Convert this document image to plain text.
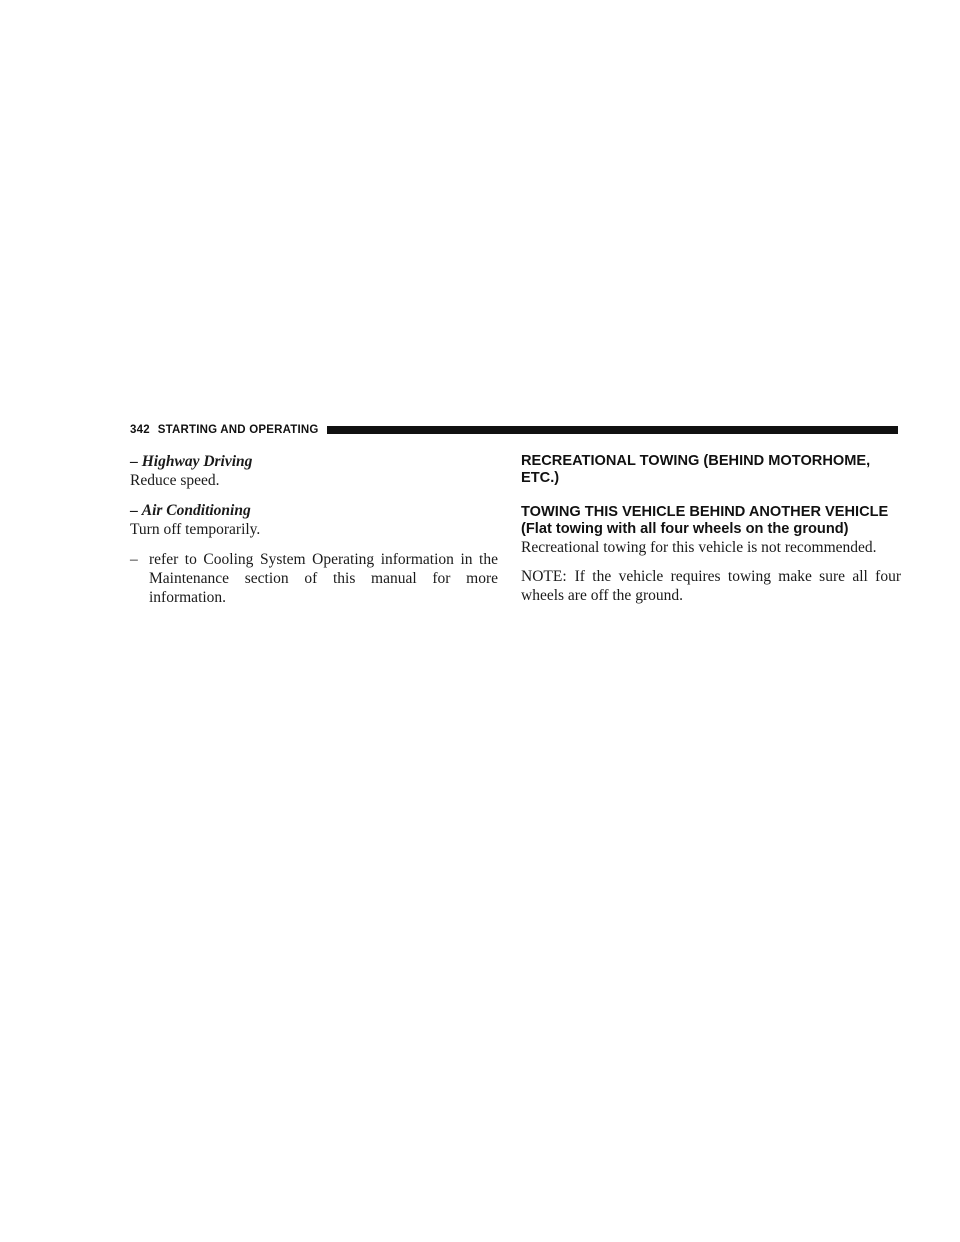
342 STARTING AND OPERATING

– Highway Driving

Reduce speed.

– Air Conditioning

Turn off temporarily.

– refer to Cooling System Operating information in the Maintenance section of this manual for more information.

RECREATIONAL TOWING (BEHIND MOTORHOME, ETC.)
TOWING THIS VEHICLE BEHIND ANOTHER VEHICLE (Flat towing with all four wheels on the ground)

Recreational towing for this vehicle is not recommended.

NOTE: If the vehicle requires towing make sure all four wheels are off the ground.
